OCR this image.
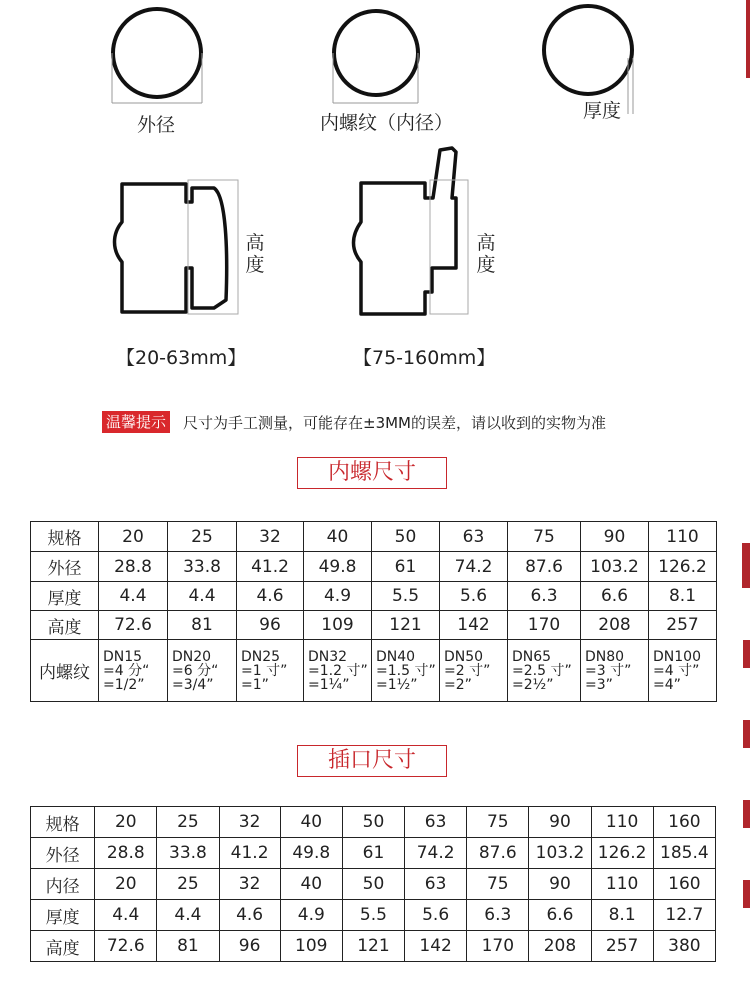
外径	内螺纹（内径）
厚度
高度
高度
【20-63mm】	【75-160mm】
温馨提示 尺寸为手工测量，可能存在±3MM的误差，请以收到的实物为准
内螺尺寸
规格	20	25	32	40	50	63	75	90	110
外径	28.8	33.8	41.2	49.8	61	74.2	87.6	103.2	126.2
厚度	4.4	4.4	4.6	4.9	5.5	5.6	6.3	6.6	8.1
高度	72.6	81	96	109	121	142	170	208	257
内螺纹	DN15
=4 分“
=1/2”	DN20
=6 分“
=3/4”	DN25
=1 寸”
=1”	DN32
=1.2 寸”
=1¼”	DN40
=1.5 寸”
=1½”	DN50
=2 寸”
=2”	DN65
=2.5 寸”
=2½”	DN80
=3 寸”
=3”	DN100
=4 寸”
=4”
插口尺寸
规格	20	25	32	40	50	63	75	90	110	160
外径	28.8	33.8	41.2	49.8	61	74.2	87.6	103.2	126.2	185.4
内径	20	25	32	40	50	63	75	90	110	160
厚度	4.4	4.4	4.6	4.9	5.5	5.6	6.3	6.6	8.1	12.7
高度	72.6	81	96	109	121	142	170	208	257	380
